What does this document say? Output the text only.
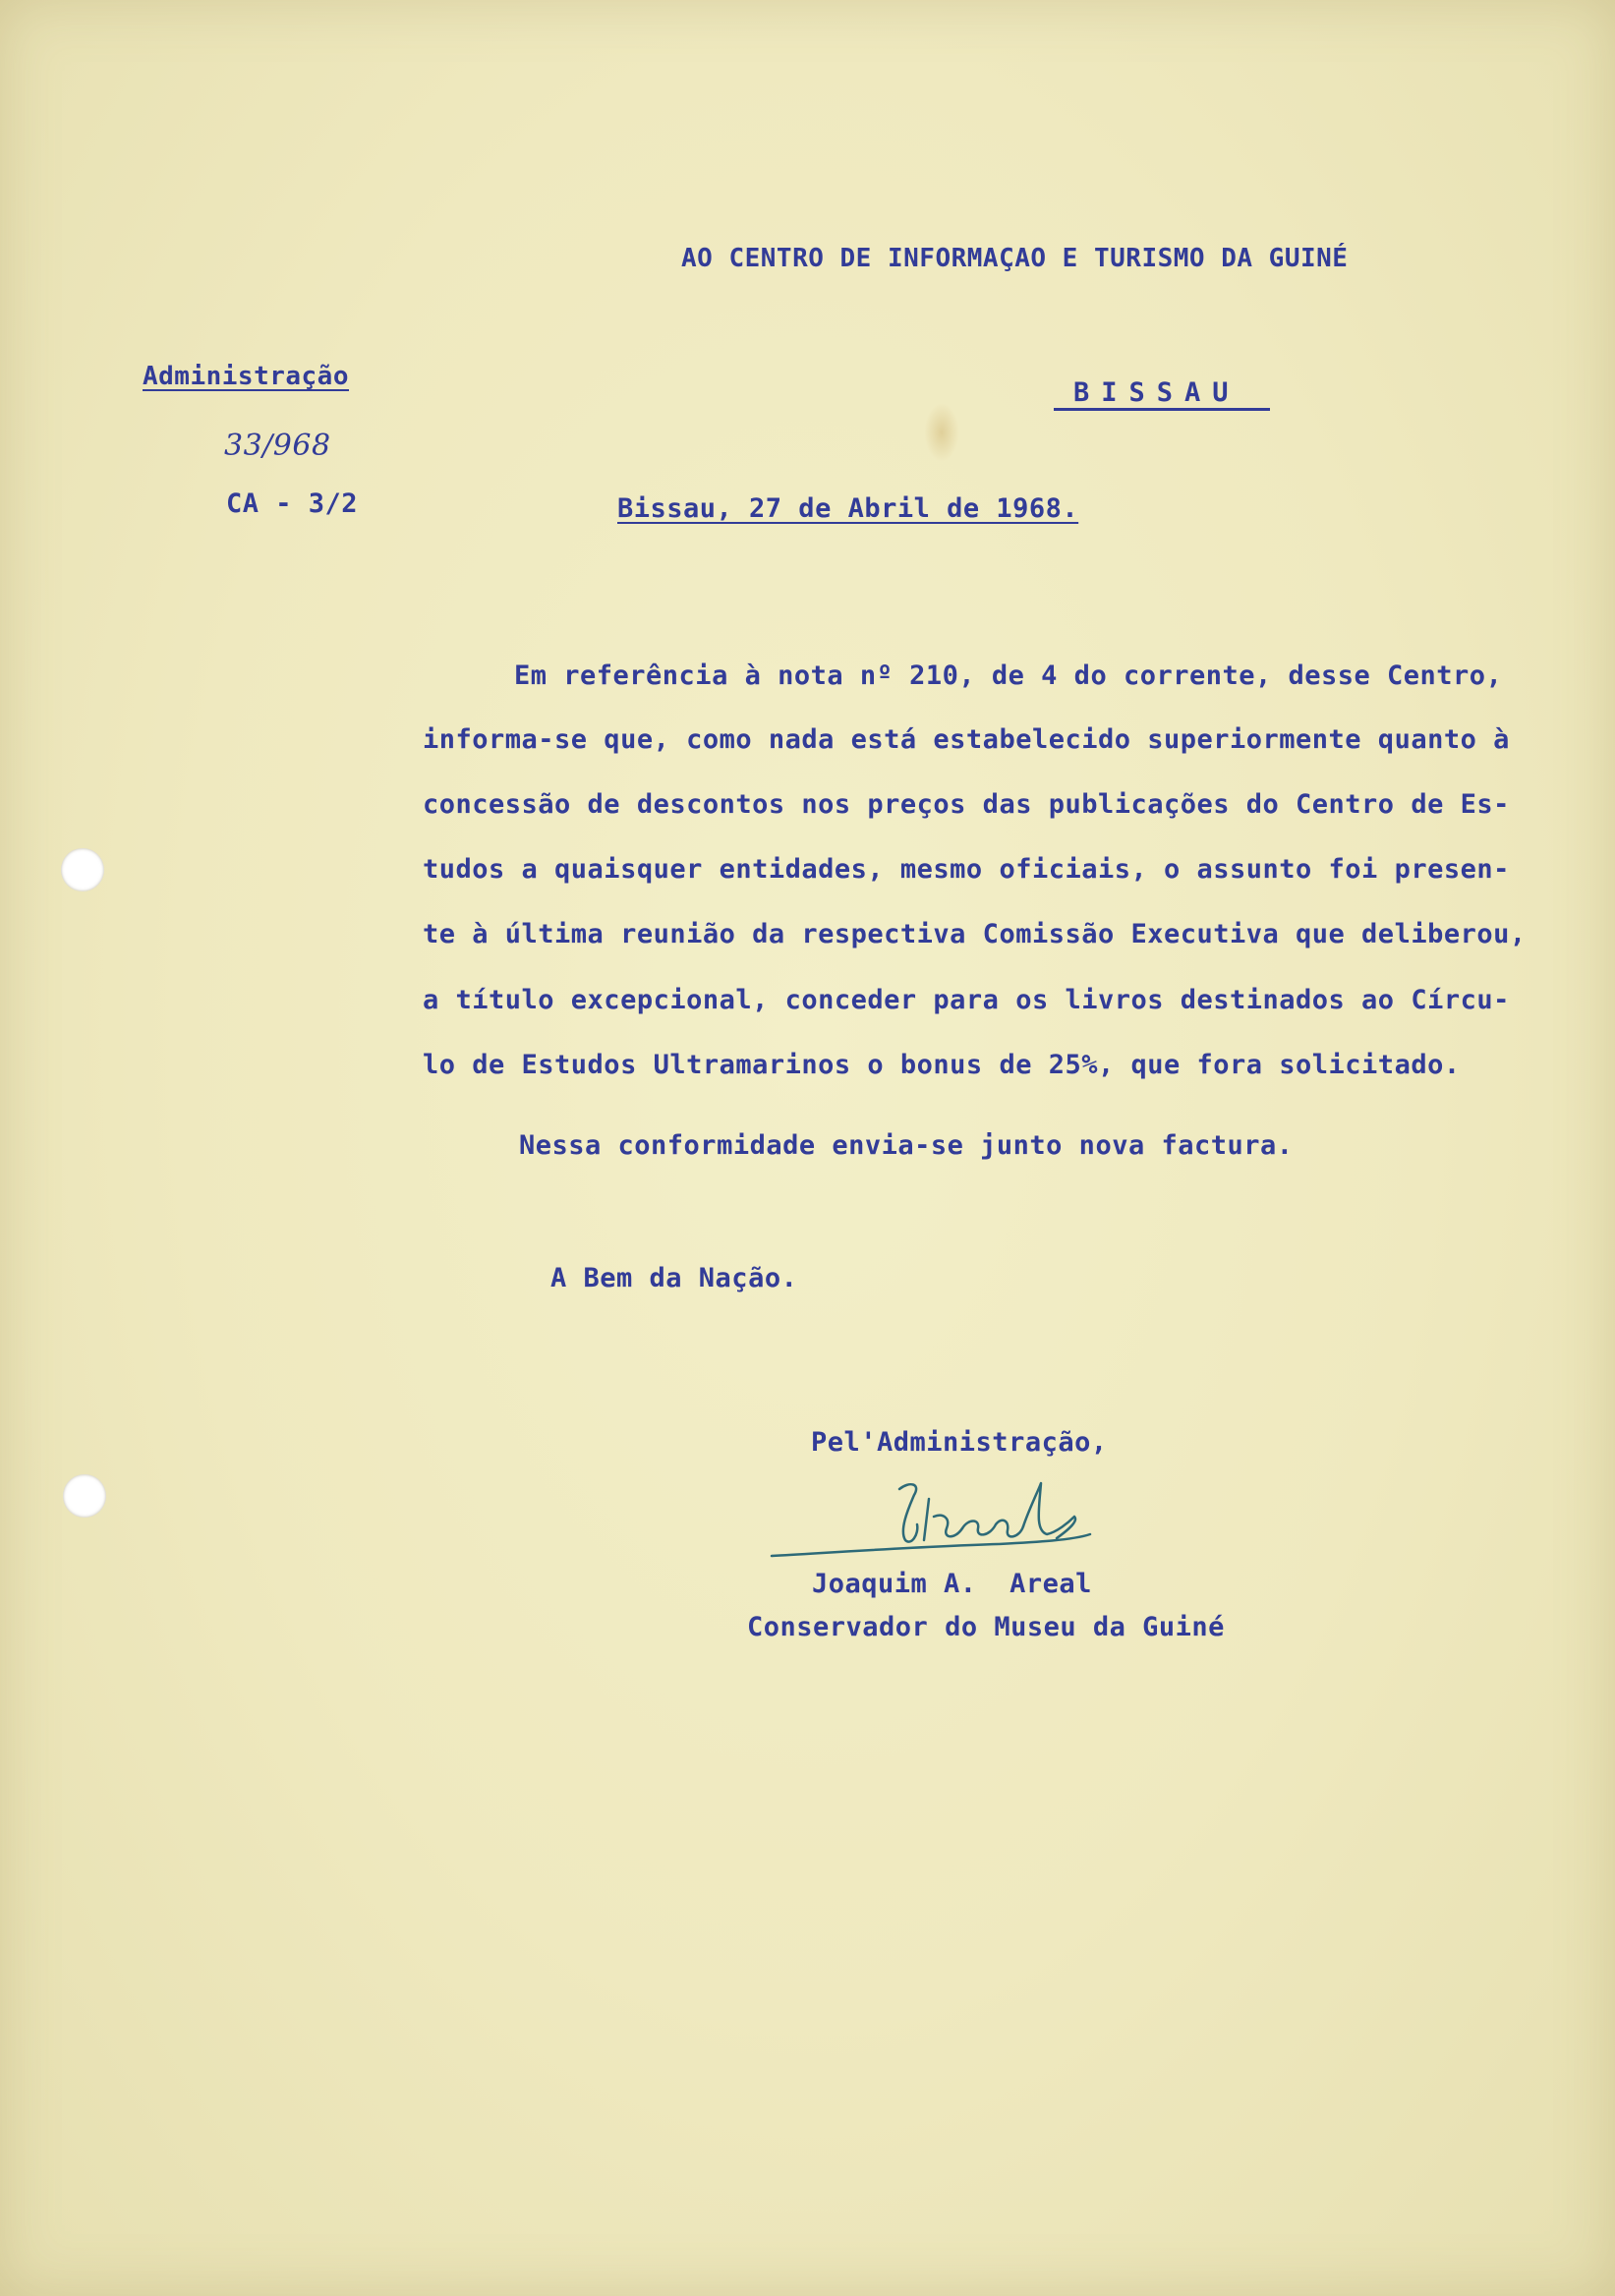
AO CENTRO DE INFORMAÇAO E TURISMO DA GUINÉ

BISSAU

Administração

33/968

CA - 3/2	Bissau, 27 de Abril de 1968.

Em referência à nota nº 210, de 4 do corrente, desse Centro,

informa-se que, como nada está estabelecido superiormente quanto à

concessão de descontos nos preços das publicações do Centro de Es-

tudos a quaisquer entidades, mesmo oficiais, o assunto foi presen-

te à última reunião da respectiva Comissão Executiva que deliberou,

a título excepcional, conceder para os livros destinados ao Círcu-

lo de Estudos Ultramarinos o bonus de 25%, que fora solicitado.

Nessa conformidade envia-se junto nova factura.

A Bem da Nação.

Pel'Administração,

Joaquim A.  Areal

Conservador do Museu da Guiné
